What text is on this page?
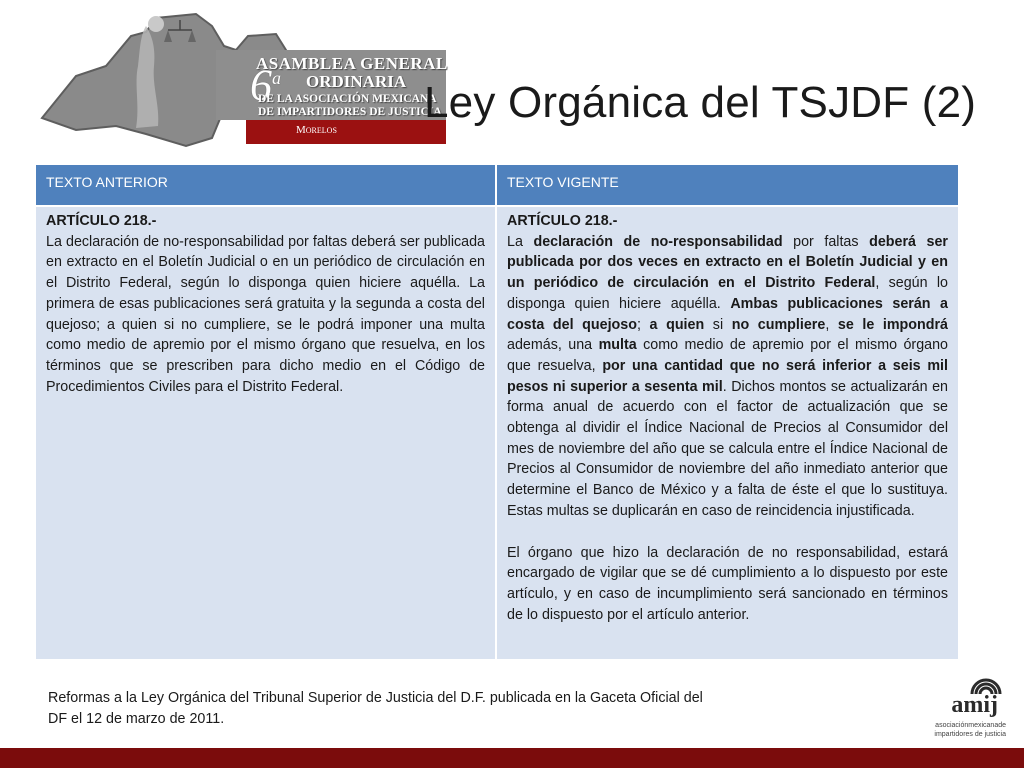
6$^a$
ASAMBLEA GENERAL
ORDINARIA
DE LA ASOCIACIÓN MEXICANA
DE IMPARTIDORES DE JUSTICIA
Morelos
Ley Orgánica del TSJDF (2)
TEXTO ANTERIOR	TEXTO VIGENTE

ARTÍCULO 218.-

La declaración de no-responsabilidad por faltas deberá ser publicada en extracto en el Boletín Judicial o en un periódico de circulación en el Distrito Federal, según lo disponga quien hiciere aquélla. La primera de esas publicaciones será gratuita y la segunda a costa del quejoso; a quien si no cumpliere, se le podrá imponer una multa como medio de apremio por el mismo órgano que resuelva, en los términos que se prescriben para dicho medio en el Código de Procedimientos Civiles para el Distrito Federal.

ARTÍCULO 218.-

La declaración de no-responsabilidad por faltas deberá ser publicada por dos veces en extracto en el Boletín Judicial y en un periódico de circulación en el Distrito Federal, según lo disponga quien hiciere aquélla. Ambas publicaciones serán a costa del quejoso; a quien si no cumpliere, se le impondrá además, una multa como medio de apremio por el mismo órgano que resuelva, por una cantidad que no será inferior a seis mil pesos ni superior a sesenta mil. Dichos montos se actualizarán en forma anual de acuerdo con el factor de actualización que se obtenga al dividir el Índice Nacional de Precios al Consumidor del mes de noviembre del año que se calcula entre el Índice Nacional de Precios al Consumidor de noviembre del año inmediato anterior que determine el Banco de México y a falta de éste el que lo sustituya. Estas multas se duplicarán en caso de reincidencia injustificada.

El órgano que hizo la declaración de no responsabilidad, estará encargado de vigilar que se dé cumplimiento a lo dispuesto por este artículo, y en caso de incumplimiento será sancionado en términos de lo dispuesto por el artículo anterior.

Reformas a la Ley Orgánica del Tribunal Superior de Justicia del D.F. publicada en la Gaceta Oficial del DF el 12 de marzo de 2011.
amij
asociaciónmexicanade
impartidores de justicia
